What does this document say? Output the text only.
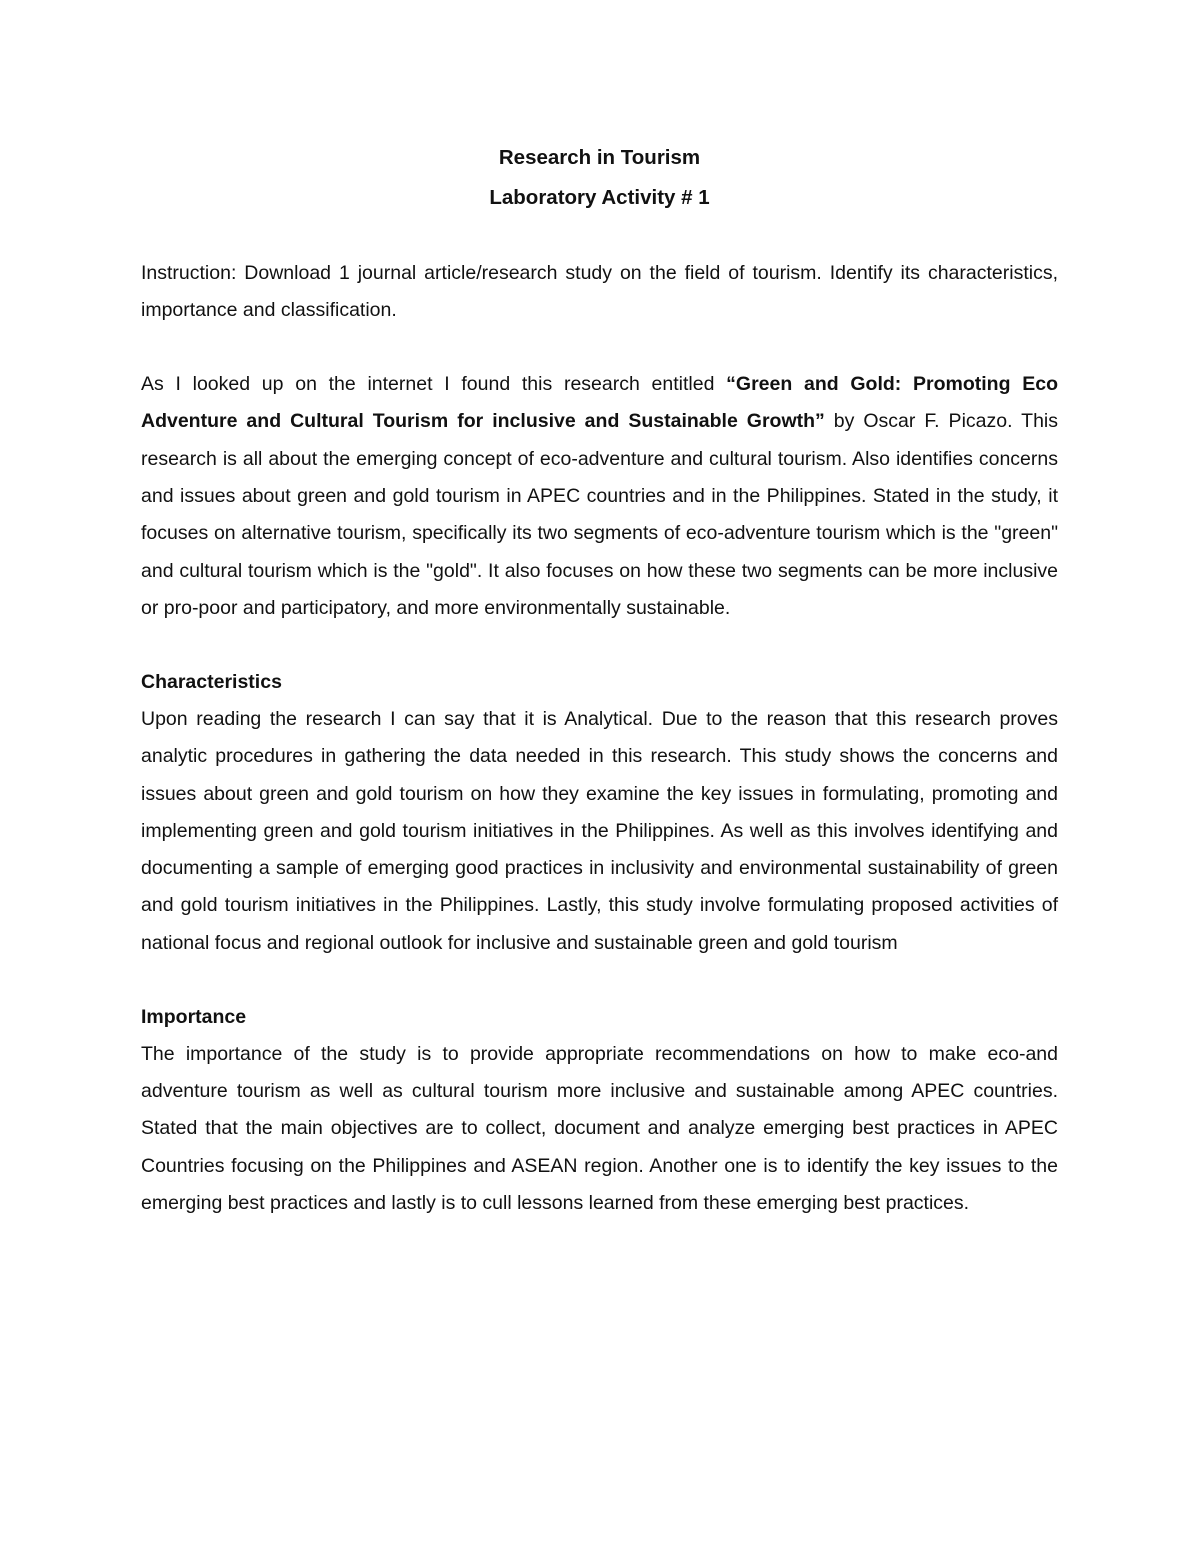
Research in Tourism

Laboratory Activity # 1

Instruction: Download 1 journal article/research study on the field of tourism. Identify its characteristics, importance and classification.

As I looked up on the internet I found this research entitled “Green and Gold: Promoting Eco Adventure and Cultural Tourism for inclusive and Sustainable Growth” by Oscar F. Picazo. This research is all about the emerging concept of eco-adventure and cultural tourism. Also identifies concerns and issues about green and gold tourism in APEC countries and in the Philippines. Stated in the study, it focuses on alternative tourism, specifically its two segments of eco-adventure tourism which is the "green" and cultural tourism which is the "gold". It also focuses on how these two segments can be more inclusive or pro-poor and participatory, and more environmentally sustainable.

Characteristics

Upon reading the research I can say that it is Analytical. Due to the reason that this research proves analytic procedures in gathering the data needed in this research. This study shows the concerns and issues about green and gold tourism on how they examine the key issues in formulating, promoting and implementing green and gold tourism initiatives in the Philippines. As well as this involves identifying and documenting a sample of emerging good practices in inclusivity and environmental sustainability of green and gold tourism initiatives in the Philippines. Lastly, this study involve formulating proposed activities of national focus and regional outlook for inclusive and sustainable green and gold tourism

Importance

The importance of the study is to provide appropriate recommendations on how to make eco-and adventure tourism as well as cultural tourism more inclusive and sustainable among APEC countries. Stated that the main objectives are to collect, document and analyze emerging best practices in APEC Countries focusing on the Philippines and ASEAN region. Another one is to identify the key issues to the emerging best practices and lastly is to cull lessons learned from these emerging best practices.
